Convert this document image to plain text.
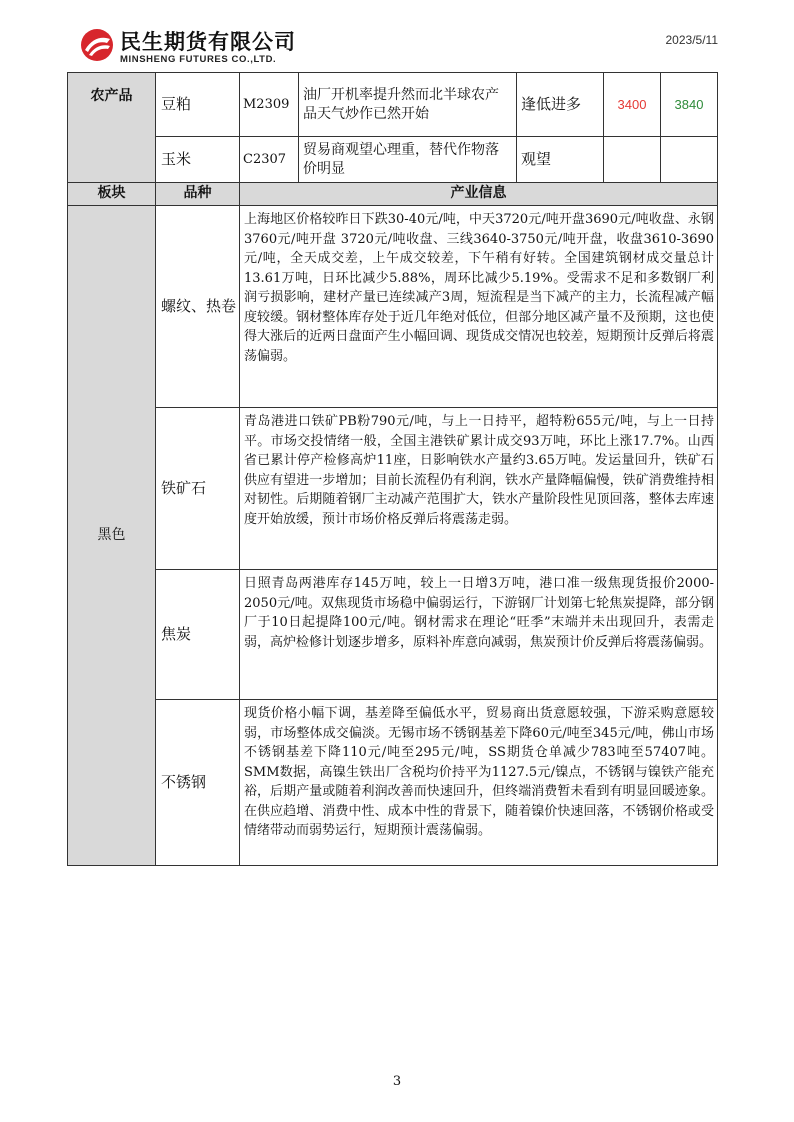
民生期货有限公司
MINSHENG FUTURES CO.,LTD.
2023/5/11
农产品	豆粕	M2309	油厂开机率提升然而北半球农产品天气炒作已然开始	逢低进多	3400	3840
	玉米	C2307	贸易商观望心理重，替代作物落价明显	观望		
板块	品种	产业信息				
黑色	螺纹、热卷	上海地区价格较昨日下跌30-40元/吨，中天3720元/吨开盘3690元/吨收盘、永钢3760元/吨开盘 3720元/吨收盘、三线3640-3750元/吨开盘，收盘3610-3690元/吨，全天成交差，上午成交较差，下午稍有好转。全国建筑钢材成交量总计13.61万吨，日环比减少5.88%，周环比减少5.19%。受需求不足和多数钢厂利润亏损影响，建材产量已连续减产3周，短流程是当下减产的主力，长流程减产幅度较缓。钢材整体库存处于近几年绝对低位，但部分地区减产量不及预期，这也使得大涨后的近两日盘面产生小幅回调、现货成交情况也较差，短期预计反弹后将震荡偏弱。				
	铁矿石	青岛港进口铁矿PB粉790元/吨，与上一日持平，超特粉655元/吨，与上一日持平。市场交投情绪一般，全国主港铁矿累计成交93万吨，环比上涨17.7%。山西省已累计停产检修高炉11座，日影响铁水产量约3.65万吨。发运量回升，铁矿石供应有望进一步增加；目前长流程仍有利润，铁水产量降幅偏慢，铁矿消费维持相对韧性。后期随着钢厂主动减产范围扩大，铁水产量阶段性见顶回落，整体去库速度开始放缓，预计市场价格反弹后将震荡走弱。				
	焦炭	日照青岛两港库存145万吨，较上一日增3万吨，港口准一级焦现货报价2000-2050元/吨。双焦现货市场稳中偏弱运行，下游钢厂计划第七轮焦炭提降，部分钢厂于10日起提降100元/吨。钢材需求在理论“旺季”末端并未出现回升，表需走弱，高炉检修计划逐步增多，原料补库意向减弱，焦炭预计价反弹后将震荡偏弱。				
	不锈钢	现货价格小幅下调，基差降至偏低水平，贸易商出货意愿较强，下游采购意愿较弱，市场整体成交偏淡。无锡市场不锈钢基差下降60元/吨至345元/吨，佛山市场不锈钢基差下降110元/吨至295元/吨，SS期货仓单减少783吨至57407吨。SMM数据，高镍生铁出厂含税均价持平为1127.5元/镍点，不锈钢与镍铁产能充裕，后期产量或随着利润改善而快速回升，但终端消费暂未看到有明显回暖迹象。在供应趋增、消费中性、成本中性的背景下，随着镍价快速回落，不锈钢价格或受情绪带动而弱势运行，短期预计震荡偏弱。				
3
